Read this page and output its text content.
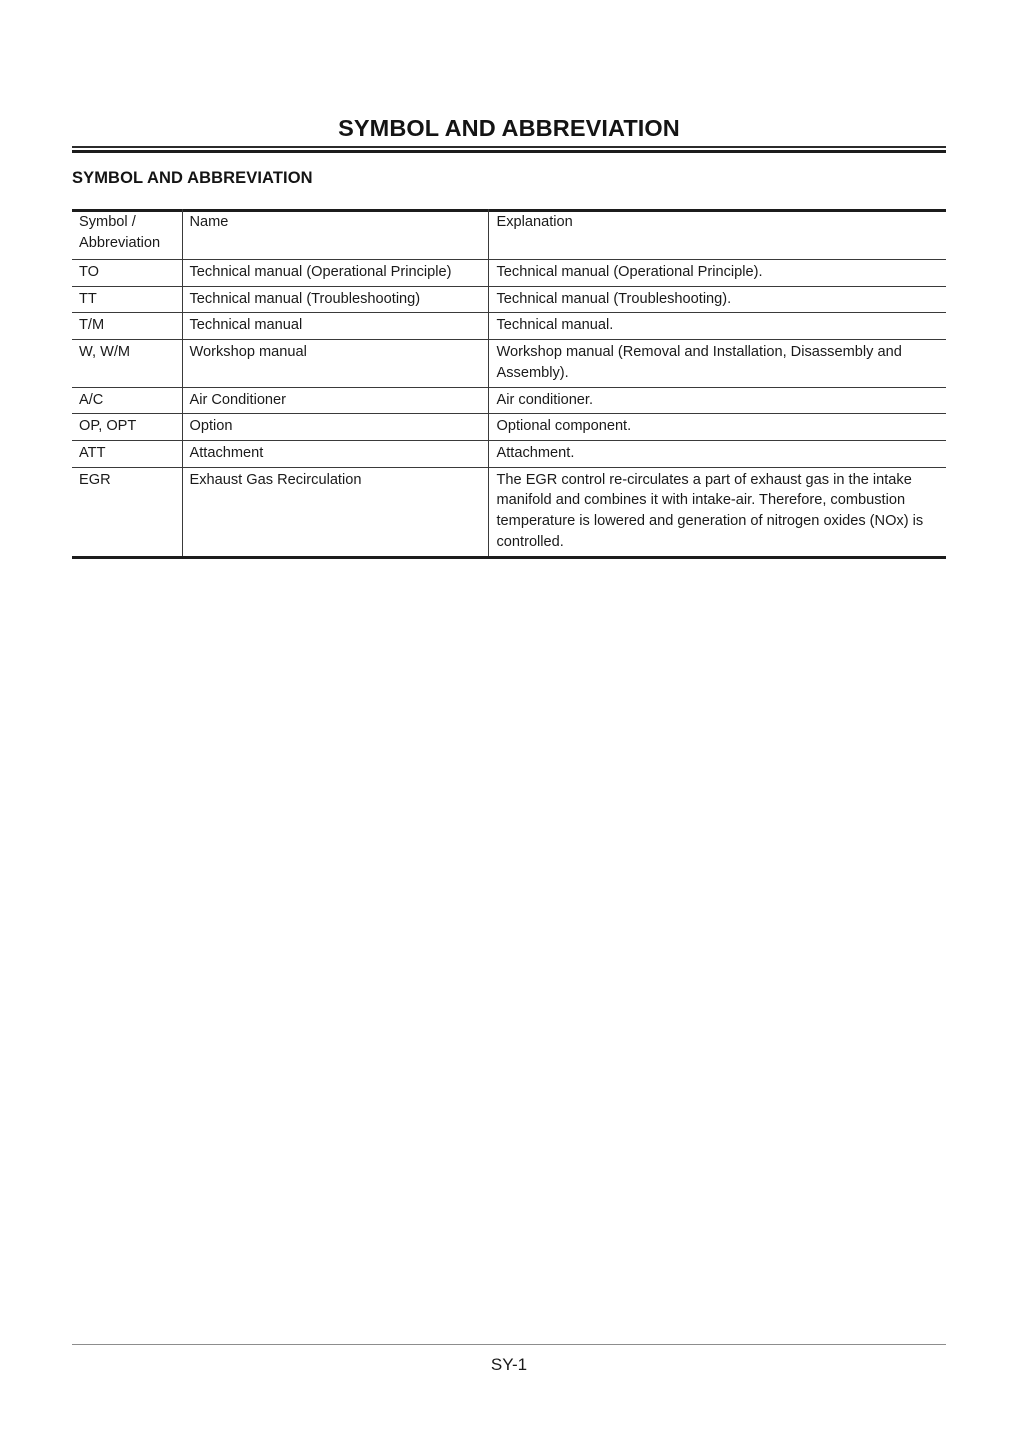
SYMBOL AND ABBREVIATION
SYMBOL AND ABBREVIATION
Symbol /
Abbreviation	Name	Explanation
TO	Technical manual (Operational Principle)	Technical manual (Operational Principle).
TT	Technical manual (Troubleshooting)	Technical manual (Troubleshooting).
T/M	Technical manual	Technical manual.
W, W/M	Workshop manual	Workshop manual (Removal and Installation, Disassembly and Assembly).
A/C	Air Conditioner	Air conditioner.
OP, OPT	Option	Optional component.
ATT	Attachment	Attachment.
EGR	Exhaust Gas Recirculation	The EGR control re-circulates a part of exhaust gas in the intake manifold and combines it with intake-air. Therefore, combustion temperature is lowered and generation of nitrogen oxides (NOx) is controlled.
SY-1
